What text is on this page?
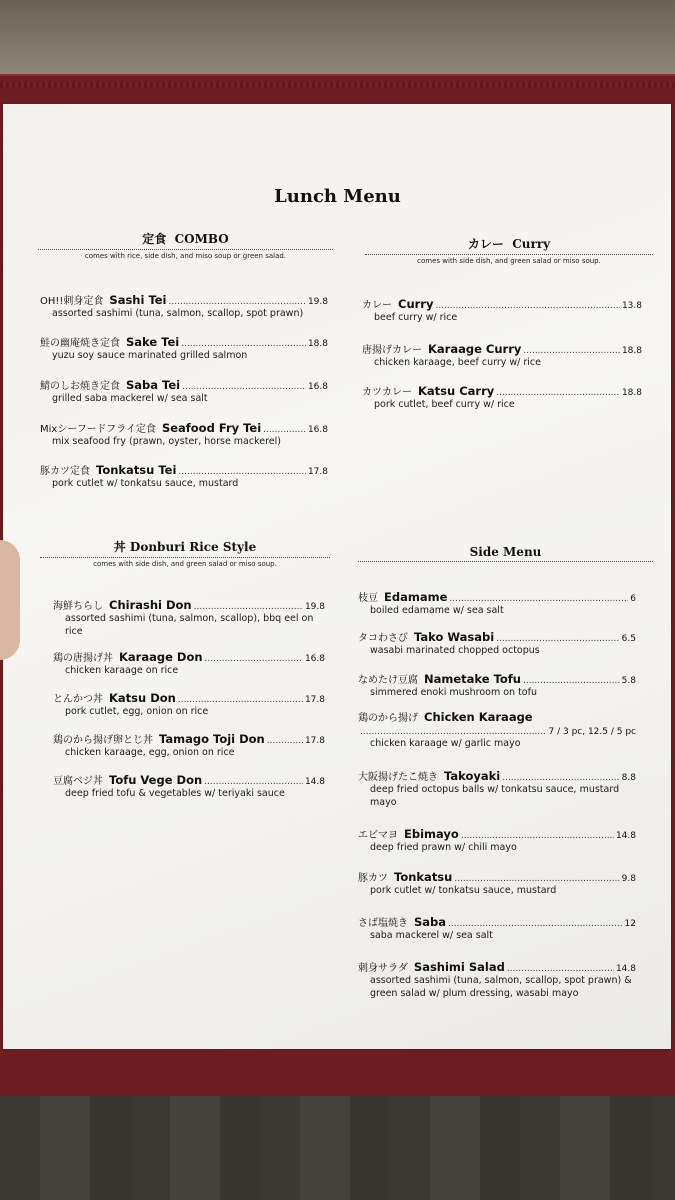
Lunch Menu
定食 COMBO
comes with rice, side dish, and miso soup or green salad.
カレー Curry
comes with side dish, and green salad or miso soup.
丼 Donburi Rice Style
comes with side dish, and green salad or miso soup.
Side Menu
OH!!刺身定食 Sashi Tei .....	19.8
assorted sashimi (tuna, salmon, scallop, spot prawn)
鮭の幽庵焼き定食 Sake Tei .....	18.8
yuzu soy sauce marinated grilled salmon
鯖のしお焼き定食 Saba Tei .....	16.8
grilled saba mackerel w/ sea salt
Mixシーフードフライ定食 Seafood Fry Tei .....	16.8
mix seafood fry (prawn, oyster, horse mackerel)
豚カツ定食 Tonkatsu Tei .....	17.8
pork cutlet w/ tonkatsu sauce, mustard
カレー Curry .....	13.8
beef curry w/ rice
唐揚げカレー Karaage Curry .....	18.8
chicken karaage, beef curry w/ rice
カツカレー Katsu Carry .....	18.8
pork cutlet, beef curry w/ rice
海鮮ちらし Chirashi Don .....	19.8
assorted sashimi (tuna, salmon, scallop), bbq eel on rice
鶏の唐揚げ丼 Karaage Don .....	16.8
chicken karaage on rice
とんかつ丼 Katsu Don .....	17.8
pork cutlet, egg, onion on rice
鶏のから揚げ卵とじ丼 Tamago Toji Don .....	17.8
chicken karaage, egg, onion on rice
豆腐ベジ丼 Tofu Vege Don .....	14.8
deep fried tofu & vegetables w/ teriyaki sauce
枝豆 Edamame .....	6
boiled edamame w/ sea salt
タコわさび Tako Wasabi .....	6.5
wasabi marinated chopped octopus
なめたけ豆腐 Nametake Tofu .....	5.8
simmered enoki mushroom on tofu
鶏のから揚げ Chicken Karaage
.....
7 / 3 pc, 12.5 / 5 pc
chicken karaage w/ garlic mayo
大阪揚げたこ焼き Takoyaki .....	8.8
deep fried octopus balls w/ tonkatsu sauce, mustard mayo
エビマヨ Ebimayo .....	14.8
deep fried prawn w/ chili mayo
豚カツ Tonkatsu .....	9.8
pork cutlet w/ tonkatsu sauce, mustard
さば塩焼き Saba .....	12
saba mackerel w/ sea salt
刺身サラダ Sashimi Salad .....	14.8
assorted sashimi (tuna, salmon, scallop, spot prawn) & green salad w/ plum dressing, wasabi mayo
